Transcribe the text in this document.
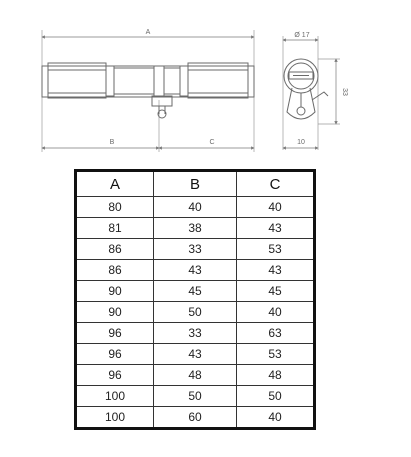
A
B	C
Ø 17
33
10
A	B	C
80	40	40
81	38	43
86	33	53
86	43	43
90	45	45
90	50	40
96	33	63
96	43	53
96	48	48
100	50	50
100	60	40
